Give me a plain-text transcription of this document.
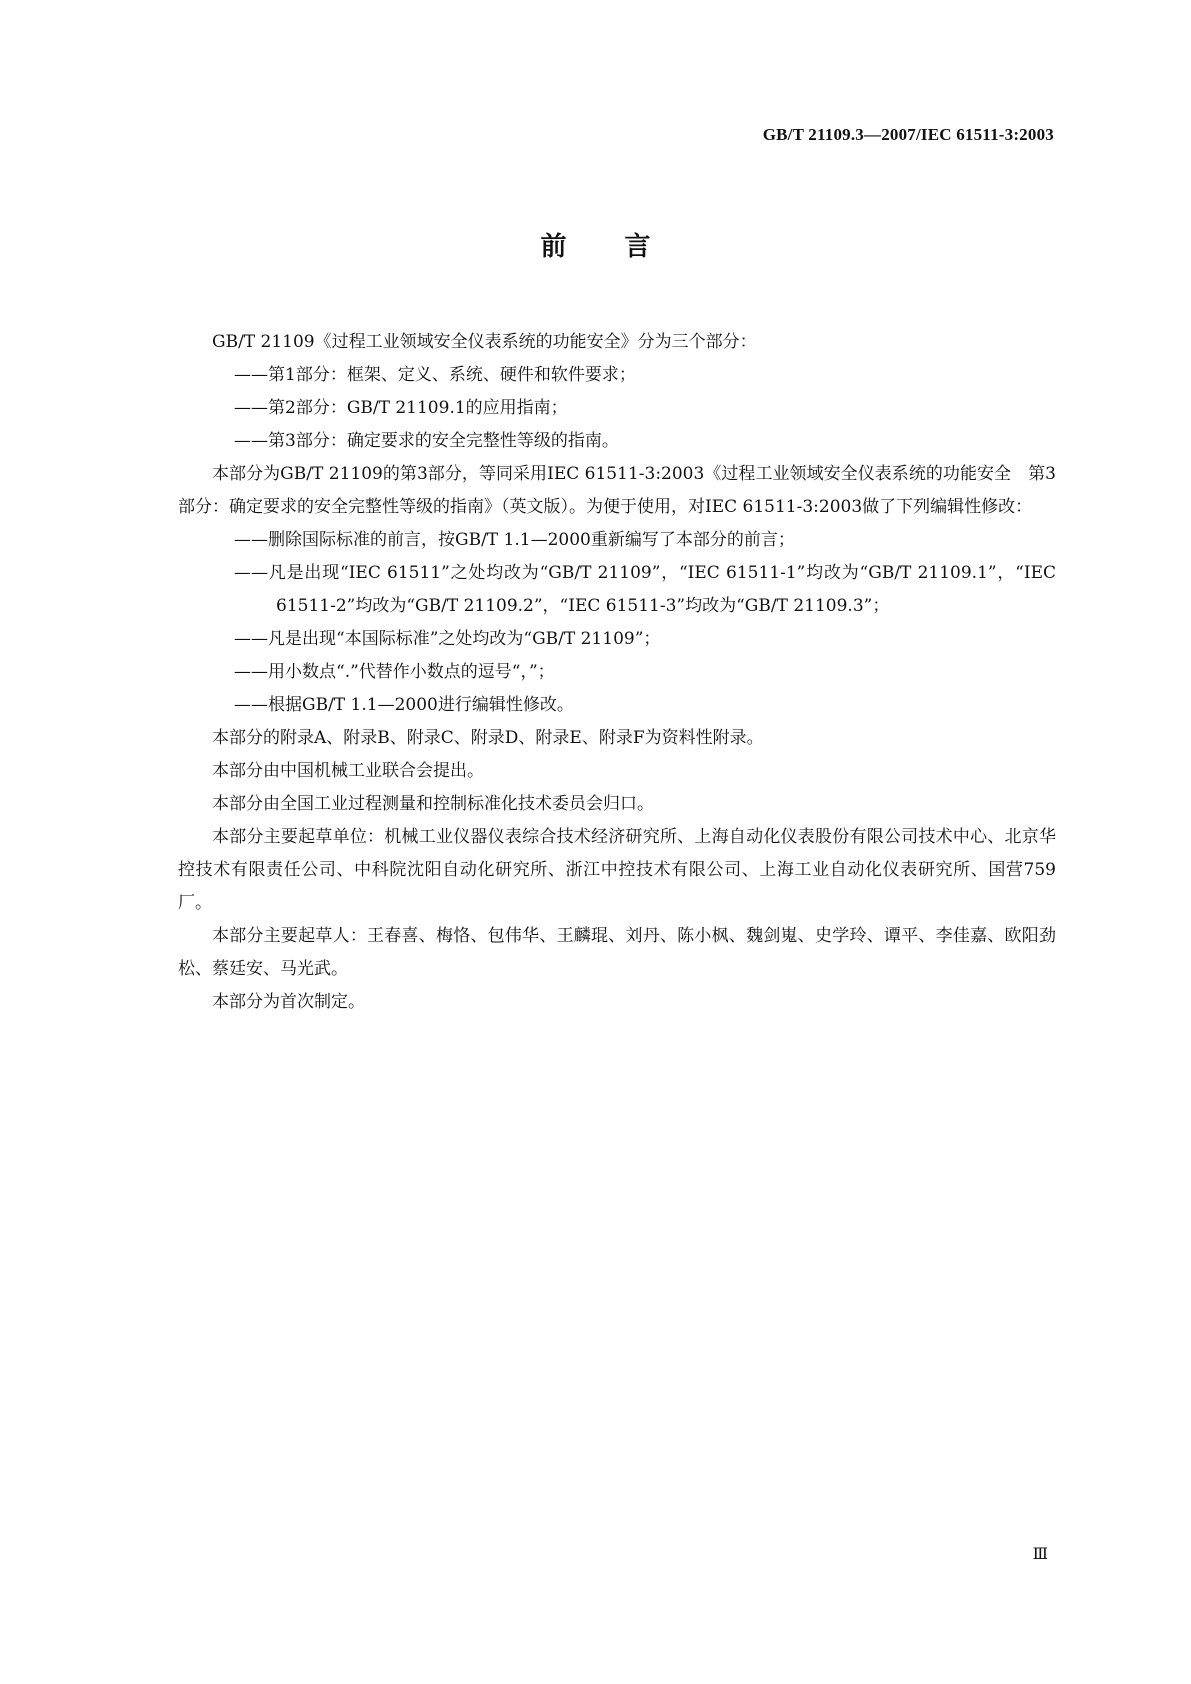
GB/T 21109.3—2007/IEC 61511-3:2003
前 言

GB/T 21109《过程工业领域安全仪表系统的功能安全》分为三个部分：

——第1部分：框架、定义、系统、硬件和软件要求；

——第2部分：GB/T 21109.1的应用指南；

——第3部分：确定要求的安全完整性等级的指南。

本部分为GB/T 21109的第3部分，等同采用IEC 61511-3:2003《过程工业领域安全仪表系统的功能安全　第3部分：确定要求的安全完整性等级的指南》（英文版）。为便于使用，对IEC 61511-3:2003做了下列编辑性修改：

——删除国际标准的前言，按GB/T 1.1—2000重新编写了本部分的前言；

——凡是出现“IEC 61511”之处均改为“GB/T 21109”，“IEC 61511-1”均改为“GB/T 21109.1”，“IEC 61511-2”均改为“GB/T 21109.2”，“IEC 61511-3”均改为“GB/T 21109.3”；

——凡是出现“本国际标准”之处均改为“GB/T 21109”；

——用小数点“.”代替作小数点的逗号“，”；

——根据GB/T 1.1—2000进行编辑性修改。

本部分的附录A、附录B、附录C、附录D、附录E、附录F为资料性附录。

本部分由中国机械工业联合会提出。

本部分由全国工业过程测量和控制标准化技术委员会归口。

本部分主要起草单位：机械工业仪器仪表综合技术经济研究所、上海自动化仪表股份有限公司技术中心、北京华控技术有限责任公司、中科院沈阳自动化研究所、浙江中控技术有限公司、上海工业自动化仪表研究所、国营759厂。

本部分主要起草人：王春喜、梅恪、包伟华、王麟琨、刘丹、陈小枫、魏剑嵬、史学玲、谭平、李佳嘉、欧阳劲松、蔡廷安、马光武。

本部分为首次制定。

Ⅲ
